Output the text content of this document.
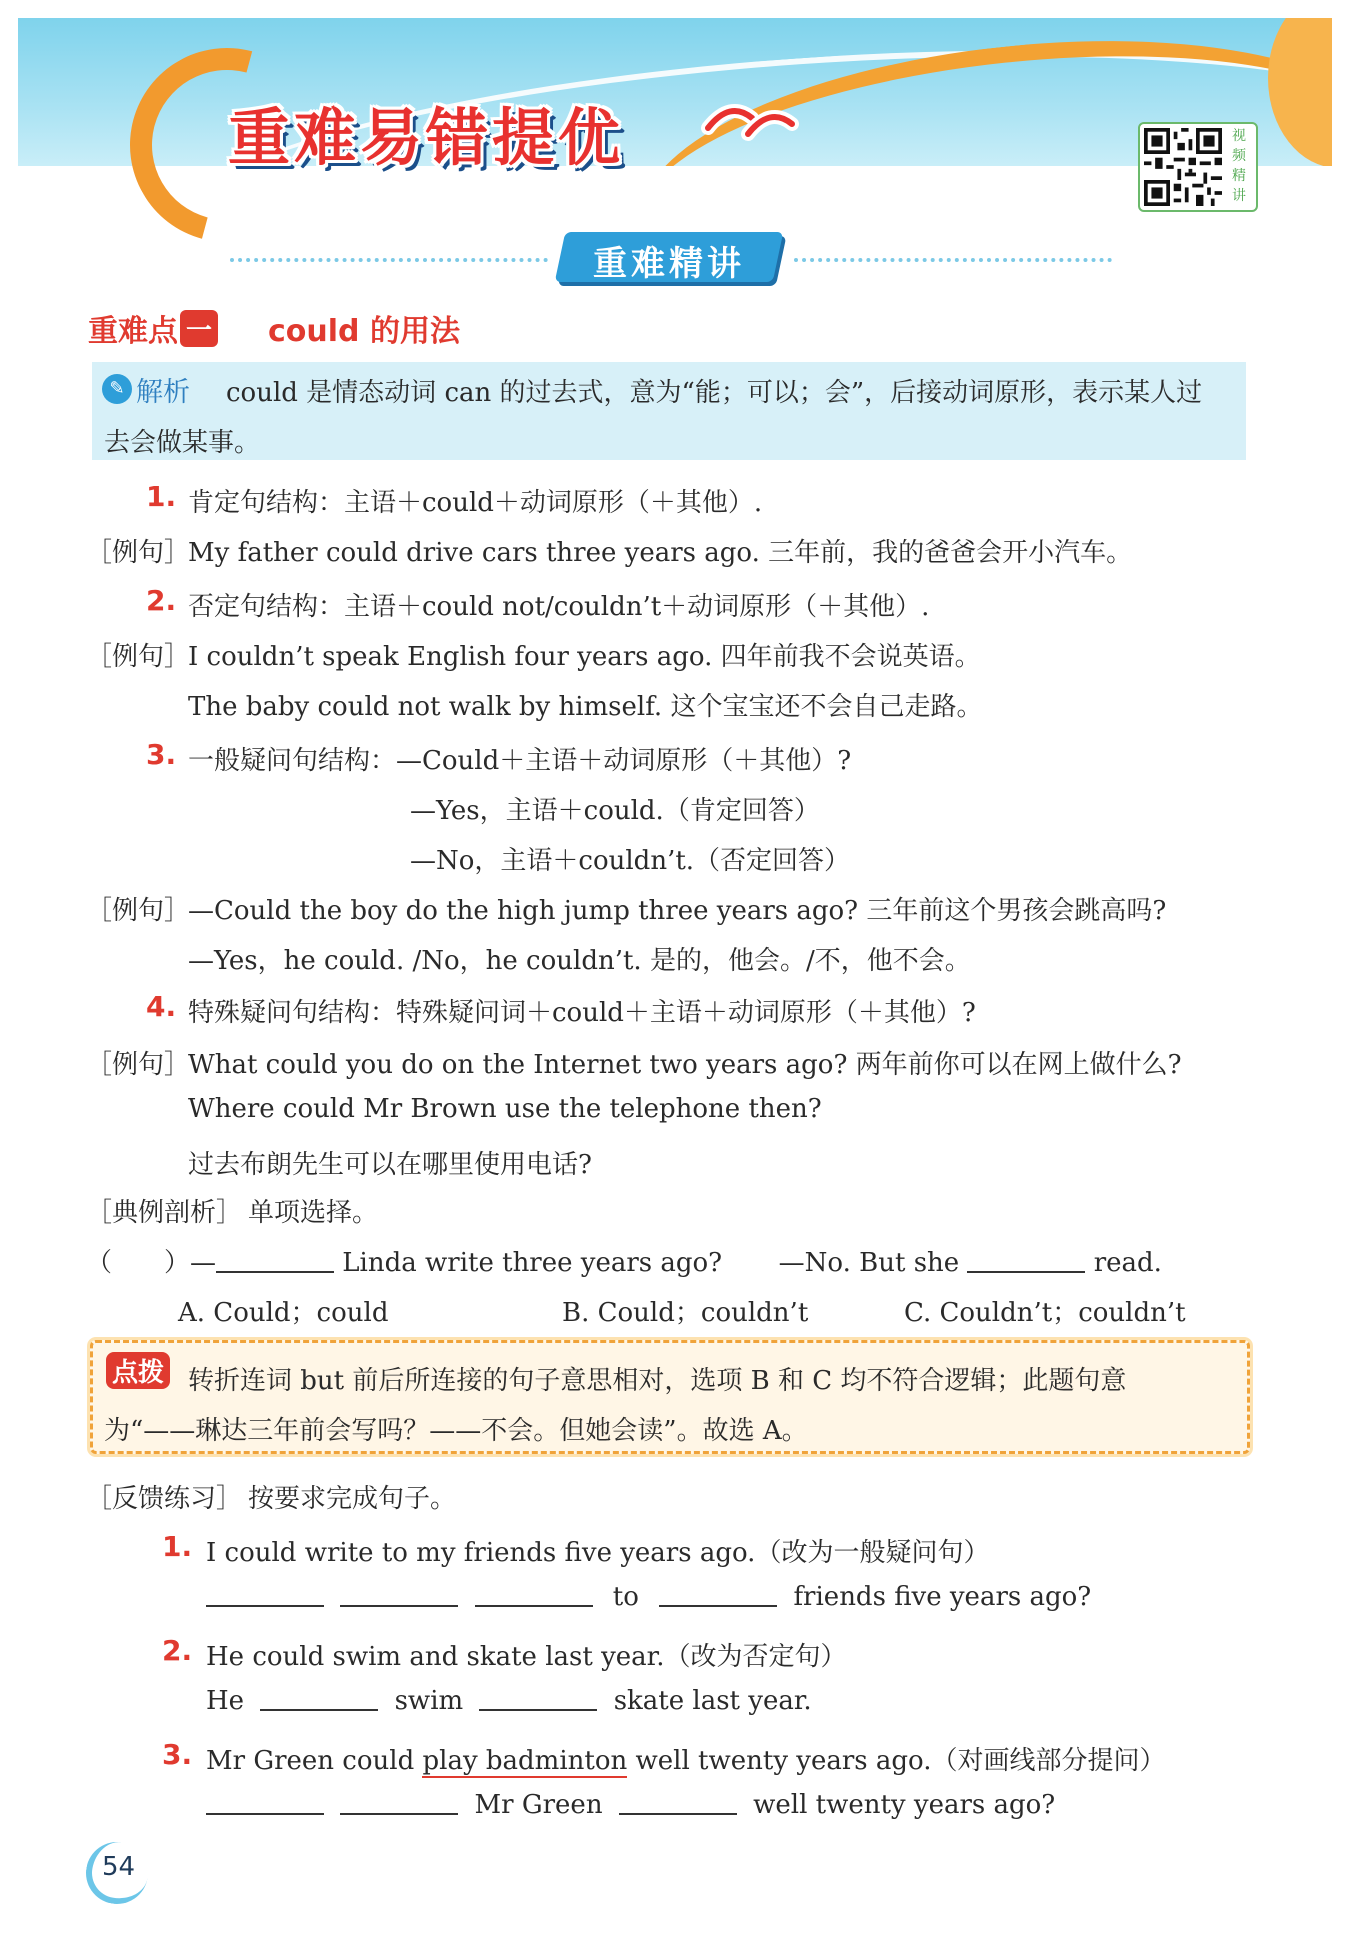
重难易错提优	视
频
精
讲
重难精讲
重难点 一 could 的用法
✎ 解析 could 是情态动词 can 的过去式，意为“能；可以；会”，后接动词原形，表示某人过
去会做某事。
1. 肯定句结构：主语＋could＋动词原形（＋其他）.
［例句］
My father could drive cars three years ago. 三年前，我的爸爸会开小汽车。
2. 否定句结构：主语＋could not/couldn’t＋动词原形（＋其他）.
［例句］
I couldn’t speak English four years ago. 四年前我不会说英语。
The baby could not walk by himself. 这个宝宝还不会自己走路。
3. 一般疑问句结构：—Could＋主语＋动词原形（＋其他）?
—Yes，主语＋could.（肯定回答）
—No，主语＋couldn’t.（否定回答）
［例句］
—Could the boy do the high jump three years ago? 三年前这个男孩会跳高吗?
—Yes，he could. /No，he couldn’t. 是的，他会。/不，他不会。
4. 特殊疑问句结构：特殊疑问词＋could＋主语＋动词原形（＋其他）?
［例句］
What could you do on the Internet two years ago? 两年前你可以在网上做什么?
Where could Mr Brown use the telephone then?
过去布朗先生可以在哪里使用电话?
［典例剖析］ 单项选择。
（　　）—	Linda write three years ago? —No. But she	read.
A. Could；could	B. Could；couldn’t	C. Couldn’t；couldn’t
点拨 转折连词 but 前后所连接的句子意思相对，选项 B 和 C 均不符合逻辑；此题句意
为“——琳达三年前会写吗？——不会。但她会读”。故选 A。
［反馈练习］ 按要求完成句子。
1. I could write to my friends five years ago.（改为一般疑问句）
to	friends five years ago?
2. He could swim and skate last year.（改为否定句）
He	swim	skate last year.
3. Mr Green could play badminton well twenty years ago.（对画线部分提问）
Mr Green	well twenty years ago?
54
